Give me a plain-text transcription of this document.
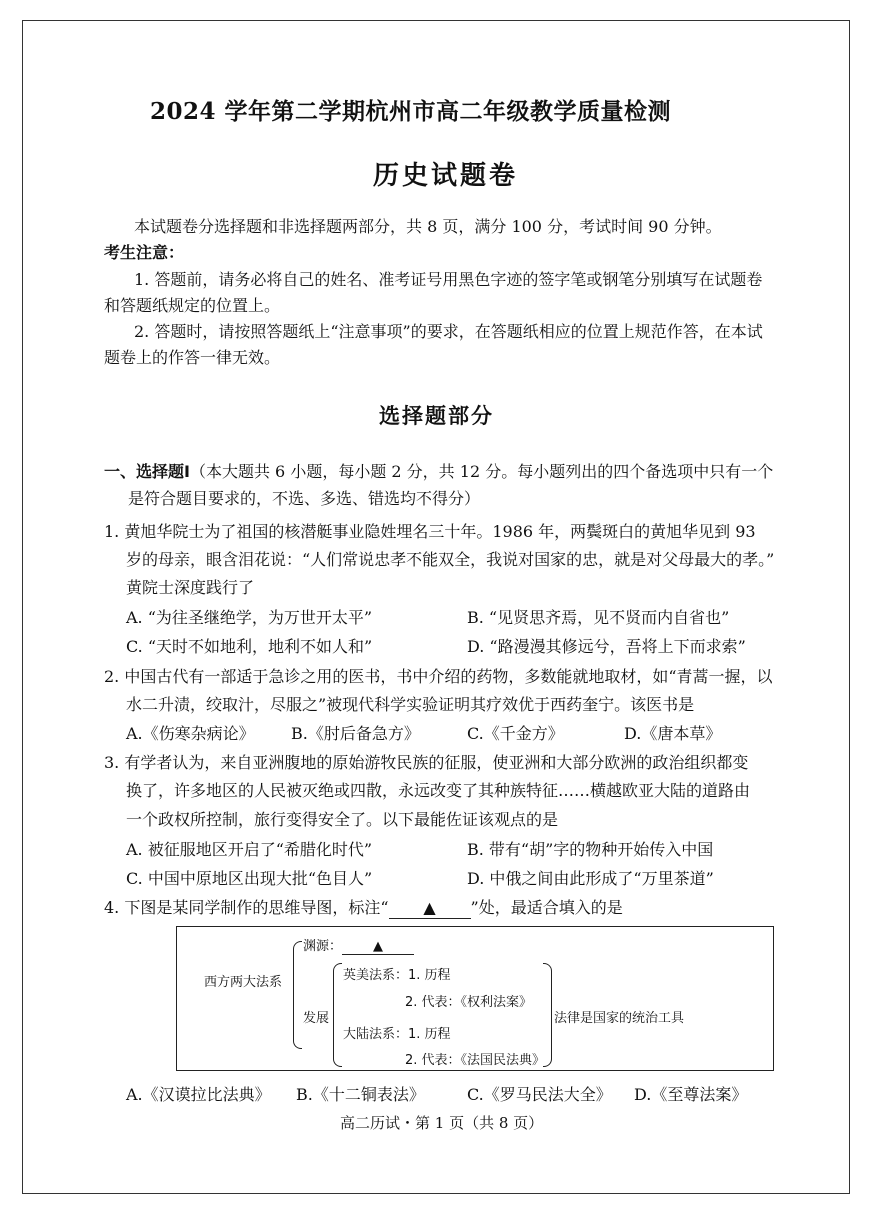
2024 学年第二学期杭州市高二年级教学质量检测
历史试题卷
本试题卷分选择题和非选择题两部分，共 8 页，满分 100 分，考试时间 90 分钟。
考生注意：
1. 答题前，请务必将自己的姓名、准考证号用黑色字迹的签字笔或钢笔分别填写在试题卷
和答题纸规定的位置上。
2. 答题时，请按照答题纸上“注意事项”的要求，在答题纸相应的位置上规范作答，在本试
题卷上的作答一律无效。
选择题部分
一、选择题Ⅰ（本大题共 6 小题，每小题 2 分，共 12 分。每小题列出的四个备选项中只有一个
是符合题目要求的，不选、多选、错选均不得分）
1. 黄旭华院士为了祖国的核潜艇事业隐姓埋名三十年。1986 年，两鬓斑白的黄旭华见到 93
岁的母亲，眼含泪花说：“人们常说忠孝不能双全，我说对国家的忠，就是对父母最大的孝。”
黄院士深度践行了
A. “为往圣继绝学，为万世开太平”	B. “见贤思齐焉，见不贤而内自省也”
C. “天时不如地利，地利不如人和”	D. “路漫漫其修远兮，吾将上下而求索”
2. 中国古代有一部适于急诊之用的医书，书中介绍的药物，多数能就地取材，如“青蒿一握，以
水二升渍，绞取汁，尽服之”被现代科学实验证明其疗效优于西药奎宁。该医书是
A.《伤寒杂病论》 B.《肘后备急方》	C.《千金方》	D.《唐本草》
3. 有学者认为，来自亚洲腹地的原始游牧民族的征服，使亚洲和大部分欧洲的政治组织都变
换了，许多地区的人民被灭绝或四散，永远改变了其种族特征……横越欧亚大陆的道路由
一个政权所控制，旅行变得安全了。以下最能佐证该观点的是
A. 被征服地区开启了“希腊化时代”	B. 带有“胡”字的物种开始传入中国
C. 中国中原地区出现大批“色目人”	D. 中俄之间由此形成了“万里茶道”
4. 下图是某同学制作的思维导图，标注“ ▲ ”处，最适合填入的是
西方两大法系
渊源： ▲
发展
英美法系：1. 历程
2. 代表：《权利法案》
大陆法系：1. 历程
2. 代表：《法国民法典》
法律是国家的统治工具
A.《汉谟拉比法典》 B.《十二铜表法》	C.《罗马民法大全》 D.《至尊法案》
高二历试・第 1 页（共 8 页）
